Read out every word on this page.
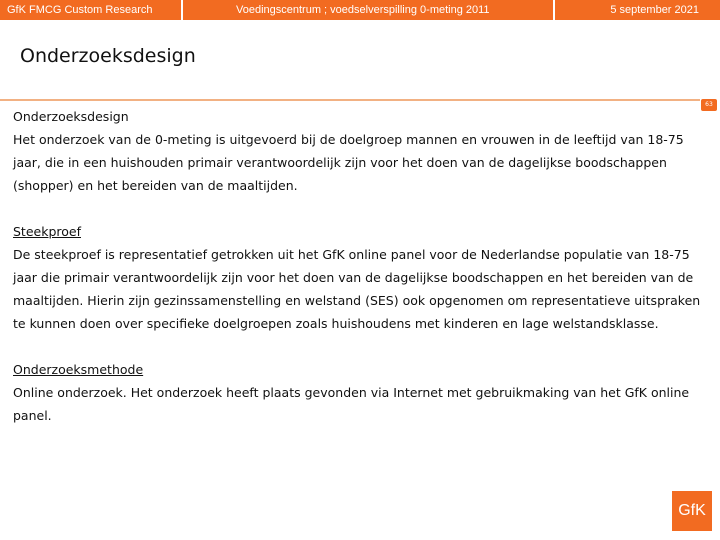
GfK FMCG Custom Research	Voedingscentrum ; voedselverspilling 0-meting 2011	5 september 2021
Onderzoeksdesign
63
Onderzoeksdesign
Het onderzoek van de 0-meting is uitgevoerd bij de doelgroep mannen en vrouwen in de leeftijd van 18-75 jaar, die in een huishouden primair verantwoordelijk zijn voor het doen van de dagelijkse boodschappen (shopper) en het bereiden van de maaltijden.
Steekproef
De steekproef is representatief getrokken uit het GfK online panel voor de Nederlandse populatie van 18-75 jaar die primair verantwoordelijk zijn voor het doen van de dagelijkse boodschappen en het bereiden van de maaltijden. Hierin zijn gezinssamenstelling en welstand (SES) ook opgenomen om representatieve uitspraken te kunnen doen over specifieke doelgroepen zoals huishoudens met kinderen en lage welstandsklasse.
Onderzoeksmethode
Online onderzoek. Het onderzoek heeft plaats gevonden via Internet met gebruikmaking van het GfK online panel.
GfK
